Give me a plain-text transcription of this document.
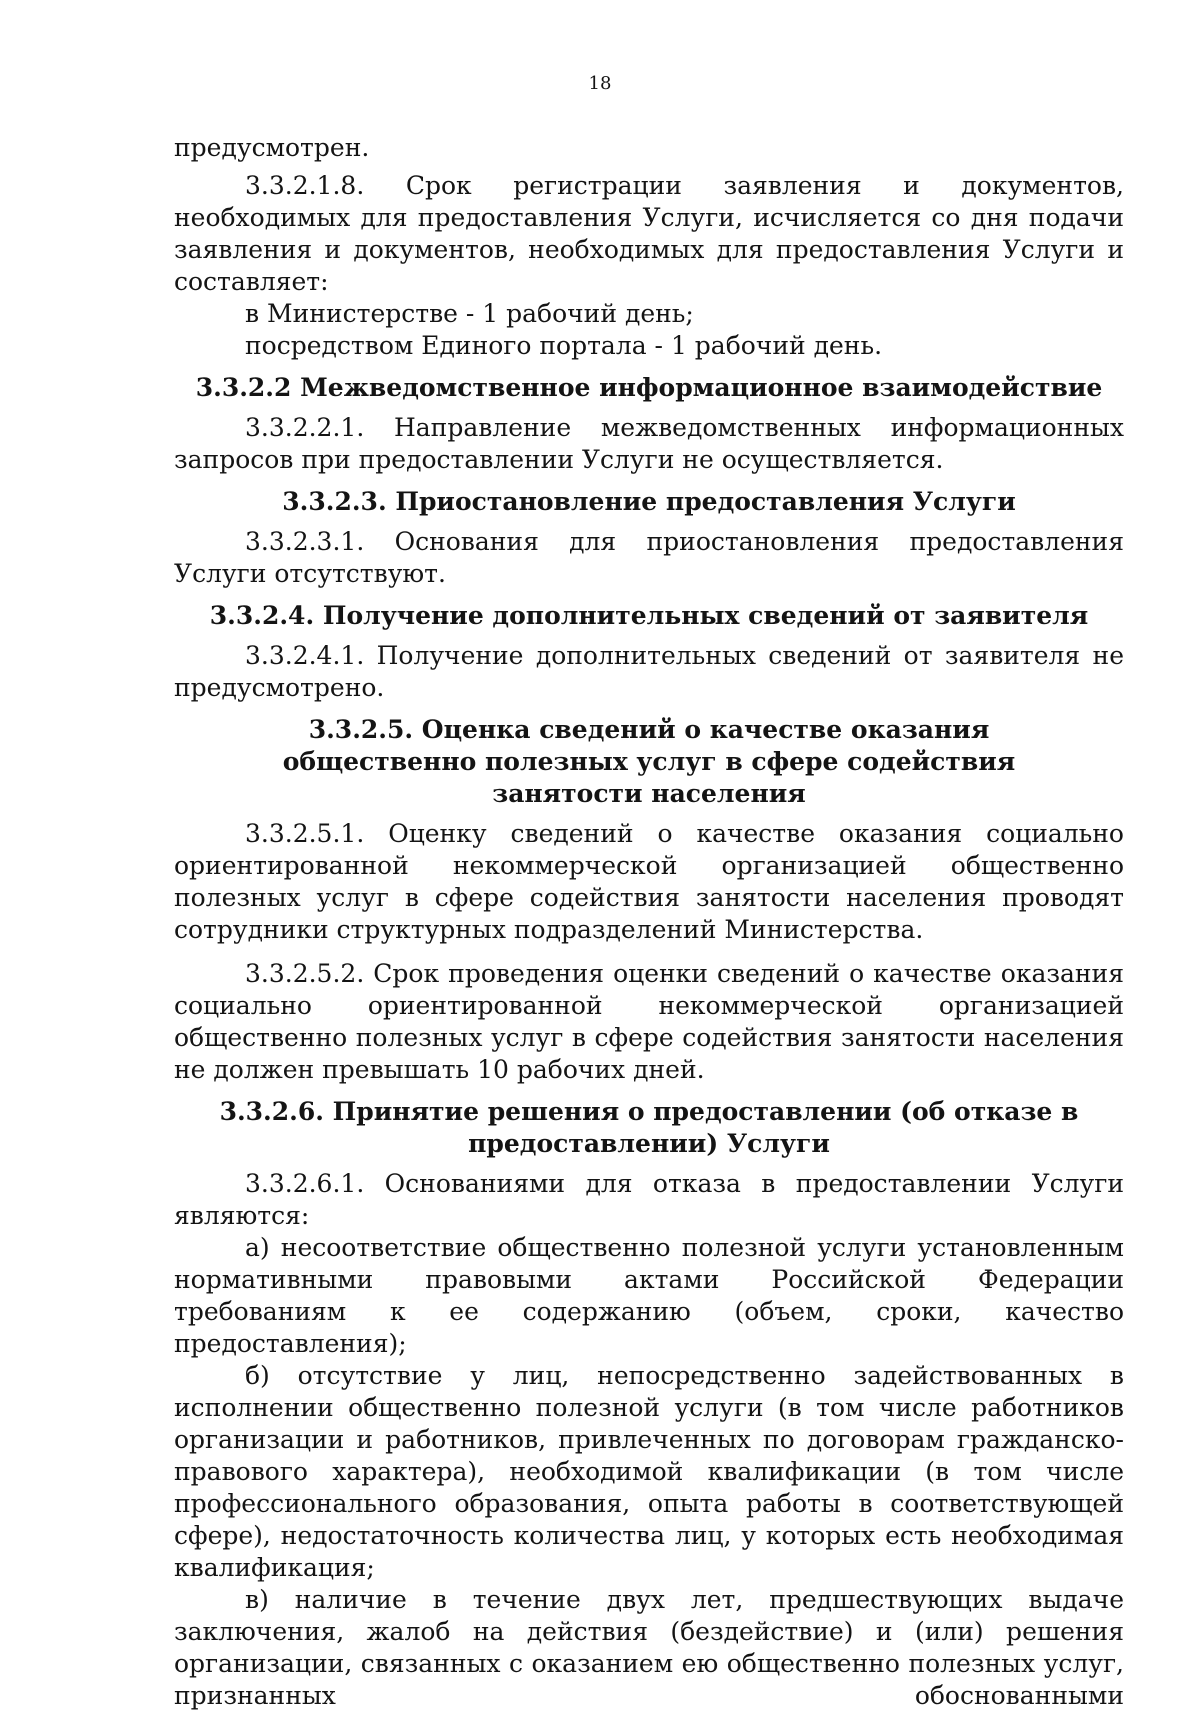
18

предусмотрен.

3.3.2.1.8. Срок регистрации заявления и документов, необходимых для предоставления Услуги, исчисляется со дня подачи заявления и документов, необходимых для предоставления Услуги и составляет:

в Министерстве - 1 рабочий день;

посредством Единого портала - 1 рабочий день.

3.3.2.2 Межведомственное информационное взаимодействие

3.3.2.2.1. Направление межведомственных информационных запросов при предоставлении Услуги не осуществляется.

3.3.2.3. Приостановление предоставления Услуги

3.3.2.3.1. Основания для приостановления предоставления Услуги отсутствуют.

3.3.2.4. Получение дополнительных сведений от заявителя

3.3.2.4.1. Получение дополнительных сведений от заявителя не предусмотрено.

3.3.2.5. Оценка сведений о качестве оказания общественно полезных услуг в сфере содействия занятости населения

3.3.2.5.1. Оценку сведений о качестве оказания социально ориентированной некоммерческой организацией общественно полезных услуг в сфере содействия занятости населения проводят сотрудники структурных подразделений Министерства.

3.3.2.5.2. Срок проведения оценки сведений о качестве оказания социально ориентированной некоммерческой организацией общественно полезных услуг в сфере содействия занятости населения не должен превышать 10 рабочих дней.

3.3.2.6. Принятие решения о предоставлении (об отказе в предоставлении) Услуги

3.3.2.6.1. Основаниями для отказа в предоставлении Услуги являются:

а) несоответствие общественно полезной услуги установленным нормативными правовыми актами Российской Федерации требованиям к ее содержанию (объем, сроки, качество предоставления);

б) отсутствие у лиц, непосредственно задействованных в исполнении общественно полезной услуги (в том числе работников организации и работников, привлеченных по договорам гражданско-правового характера), необходимой квалификации (в том числе профессионального образования, опыта работы в соответствующей сфере), недостаточность количества лиц, у которых есть необходимая квалификация;

в) наличие в течение двух лет, предшествующих выдаче заключения, жалоб на действия (бездействие) и (или) решения организации, связанных с оказанием ею общественно полезных услуг, признанных обоснованными
